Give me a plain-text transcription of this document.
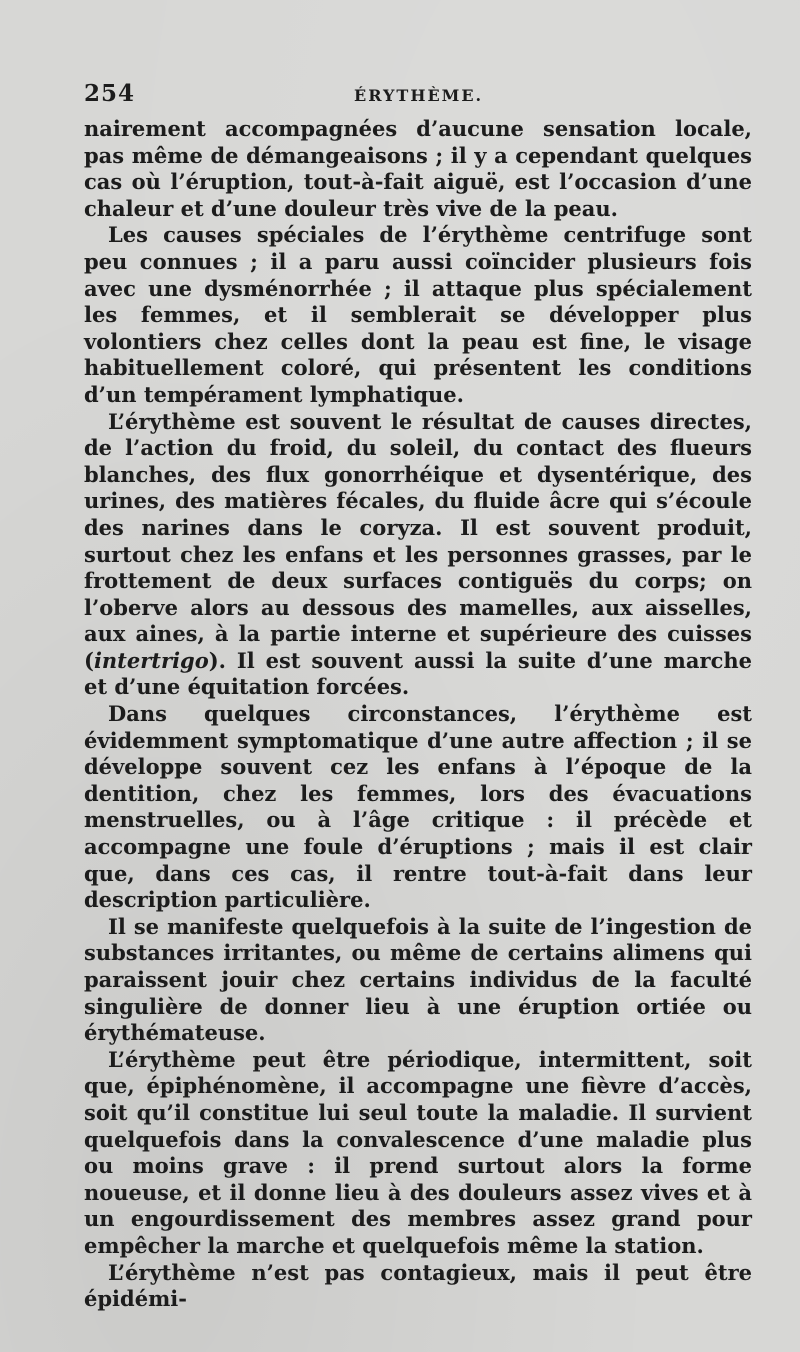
254	ÉRYTHÈME.

nairement accompagnées d’aucune sensation locale, pas même de démangeaisons ; il y a cependant quelques cas où l’éruption, tout-à-fait aiguë, est l’occasion d’une chaleur et d’une douleur très vive de la peau.

Les causes spéciales de l’érythème centrifuge sont peu connues ; il a paru aussi coïncider plusieurs fois avec une dysménorrhée ; il attaque plus spécialement les femmes, et il semblerait se développer plus volontiers chez celles dont la peau est fine, le visage habituellement coloré, qui présentent les conditions d’un tempérament lymphatique.

L’érythème est souvent le résultat de causes directes, de l’action du froid, du soleil, du contact des flueurs blanches, des flux gonorrhéique et dysentérique, des urines, des matières fécales, du fluide âcre qui s’écoule des narines dans le coryza. Il est souvent produit, surtout chez les enfans et les personnes grasses, par le frottement de deux surfaces contiguës du corps; on l’oberve alors au dessous des mamelles, aux aisselles, aux aines, à la partie interne et supérieure des cuisses (intertrigo). Il est souvent aussi la suite d’une marche et d’une équitation forcées.

Dans quelques circonstances, l’érythème est évidemment symptomatique d’une autre affection ; il se développe souvent cez les enfans à l’époque de la dentition, chez les femmes, lors des évacuations menstruelles, ou à l’âge critique : il précède et accompagne une foule d’éruptions ; mais il est clair que, dans ces cas, il rentre tout-à-fait dans leur description particulière.

Il se manifeste quelquefois à la suite de l’ingestion de substances irritantes, ou même de certains alimens qui paraissent jouir chez certains individus de la faculté singulière de donner lieu à une éruption ortiée ou érythémateuse.

L’érythème peut être périodique, intermittent, soit que, épiphénomène, il accompagne une fièvre d’accès, soit qu’il constitue lui seul toute la maladie. Il survient quelquefois dans la convalescence d’une maladie plus ou moins grave : il prend surtout alors la forme noueuse, et il donne lieu à des douleurs assez vives et à un engourdissement des membres assez grand pour empêcher la marche et quelquefois même la station.

L’érythème n’est pas contagieux, mais il peut être épidémi-
